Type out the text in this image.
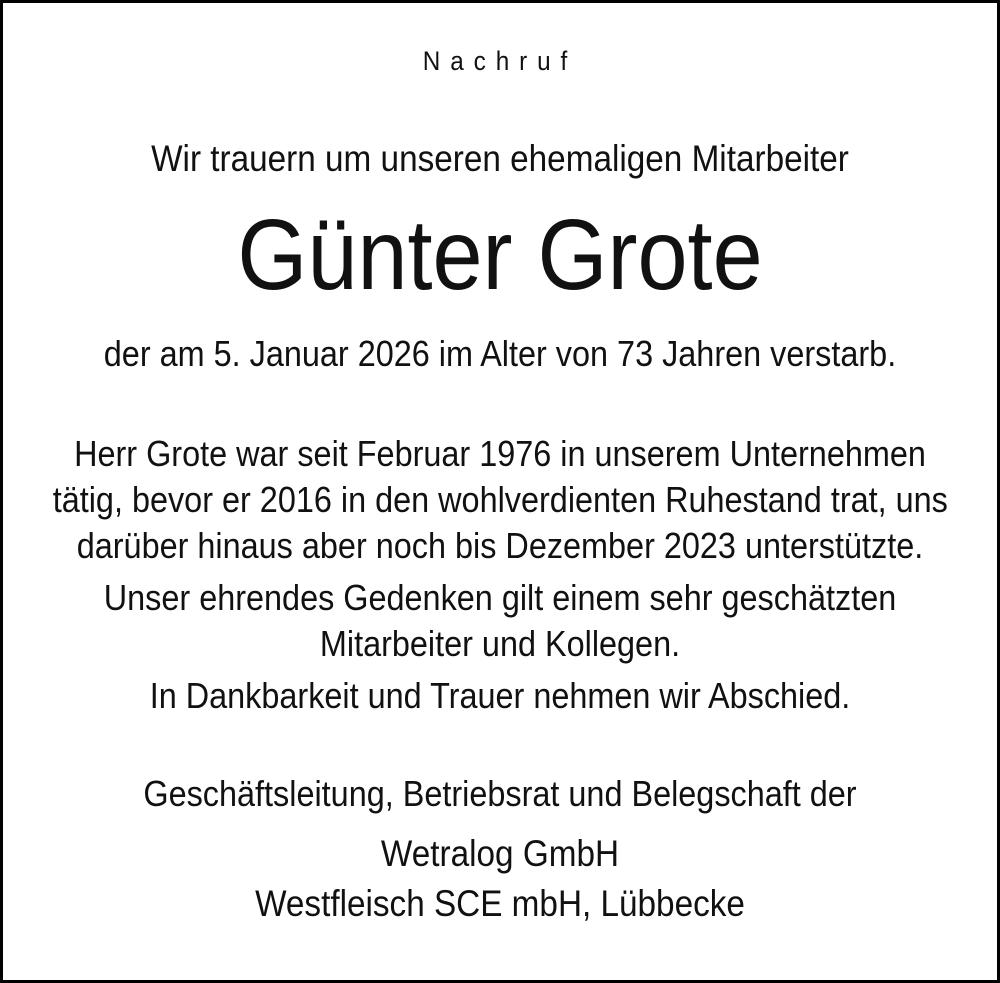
Nachruf
Wir trauern um unseren ehemaligen Mitarbeiter
Günter Grote
der am 5. Januar 2026 im Alter von 73 Jahren verstarb.
Herr Grote war seit Februar 1976 in unserem Unternehmen
tätig, bevor er 2016 in den wohlverdienten Ruhestand trat, uns
darüber hinaus aber noch bis Dezember 2023 unterstützte.
Unser ehrendes Gedenken gilt einem sehr geschätzten
Mitarbeiter und Kollegen.
In Dankbarkeit und Trauer nehmen wir Abschied.
Geschäftsleitung, Betriebsrat und Belegschaft der
Wetralog GmbH
Westfleisch SCE mbH, Lübbecke
